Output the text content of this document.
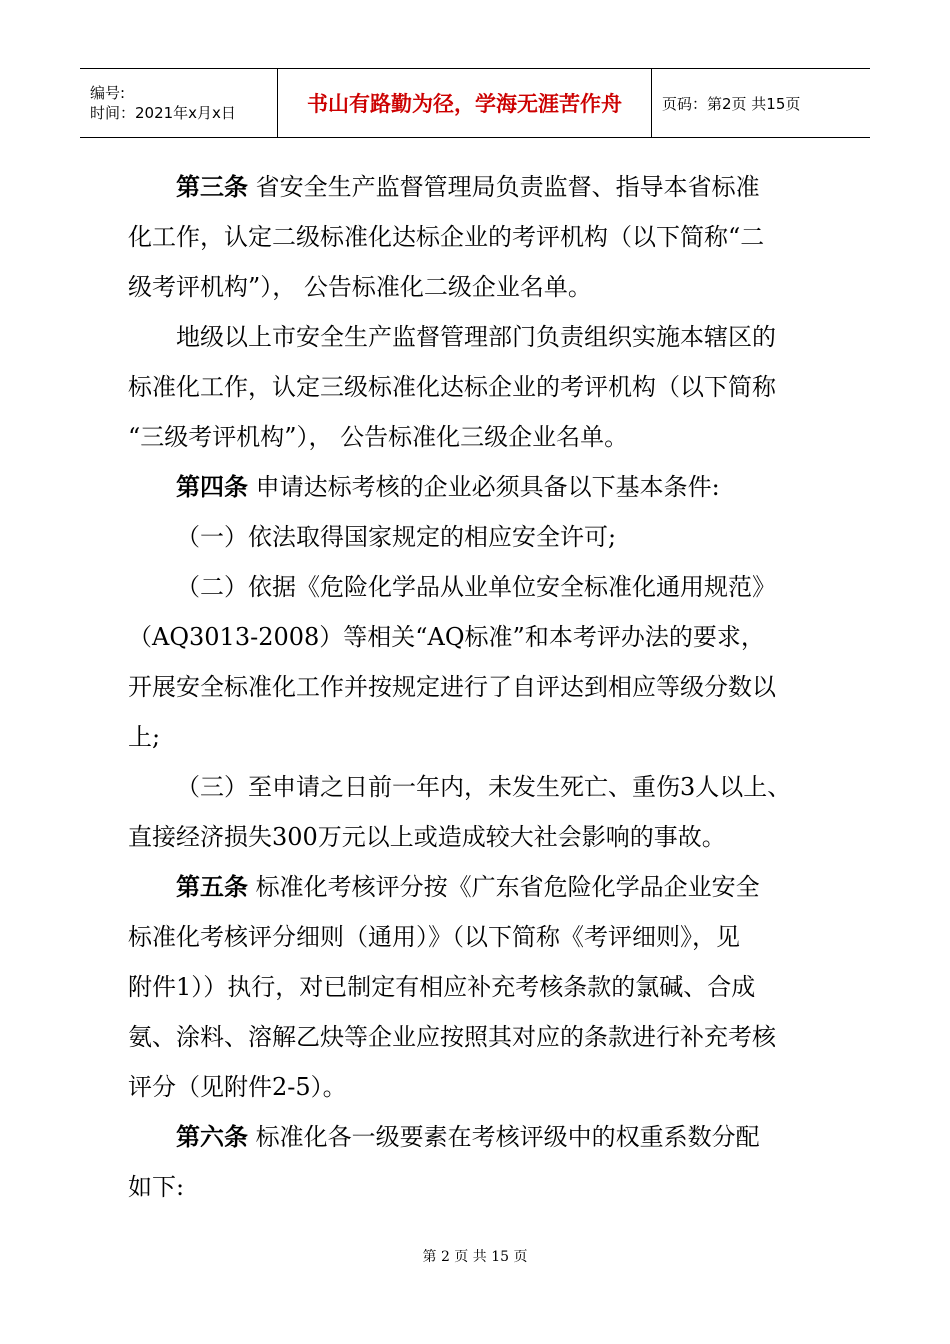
编号:
时间：2021年x月x日	书山有路勤为径，学海无涯苦作舟	页码：第2页 共15页

第三条 省安全生产监督管理局负责监督、指导本省标准
化工作，认定二级标准化达标企业的考评机构（以下简称“二
级考评机构”）， 公告标准化二级企业名单。

地级以上市安全生产监督管理部门负责组织实施本辖区的
标准化工作，认定三级标准化达标企业的考评机构（以下简称
“三级考评机构”）， 公告标准化三级企业名单。

第四条 申请达标考核的企业必须具备以下基本条件:

（一）依法取得国家规定的相应安全许可;

（二）依据《危险化学品从业单位安全标准化通用规范》
（AQ3013-2008）等相关“AQ标准”和本考评办法的要求，
开展安全标准化工作并按规定进行了自评达到相应等级分数以
上;

（三）至申请之日前一年内，未发生死亡、重伤3人以上、
直接经济损失300万元以上或造成较大社会影响的事故。

第五条 标准化考核评分按《广东省危险化学品企业安全
标准化考核评分细则（通用）》（以下简称《考评细则》，见
附件1））执行，对已制定有相应补充考核条款的氯碱、合成
氨、涂料、溶解乙炔等企业应按照其对应的条款进行补充考核
评分（见附件2-5）。

第六条 标准化各一级要素在考核评级中的权重系数分配
如下:

第 2 页 共 15 页
